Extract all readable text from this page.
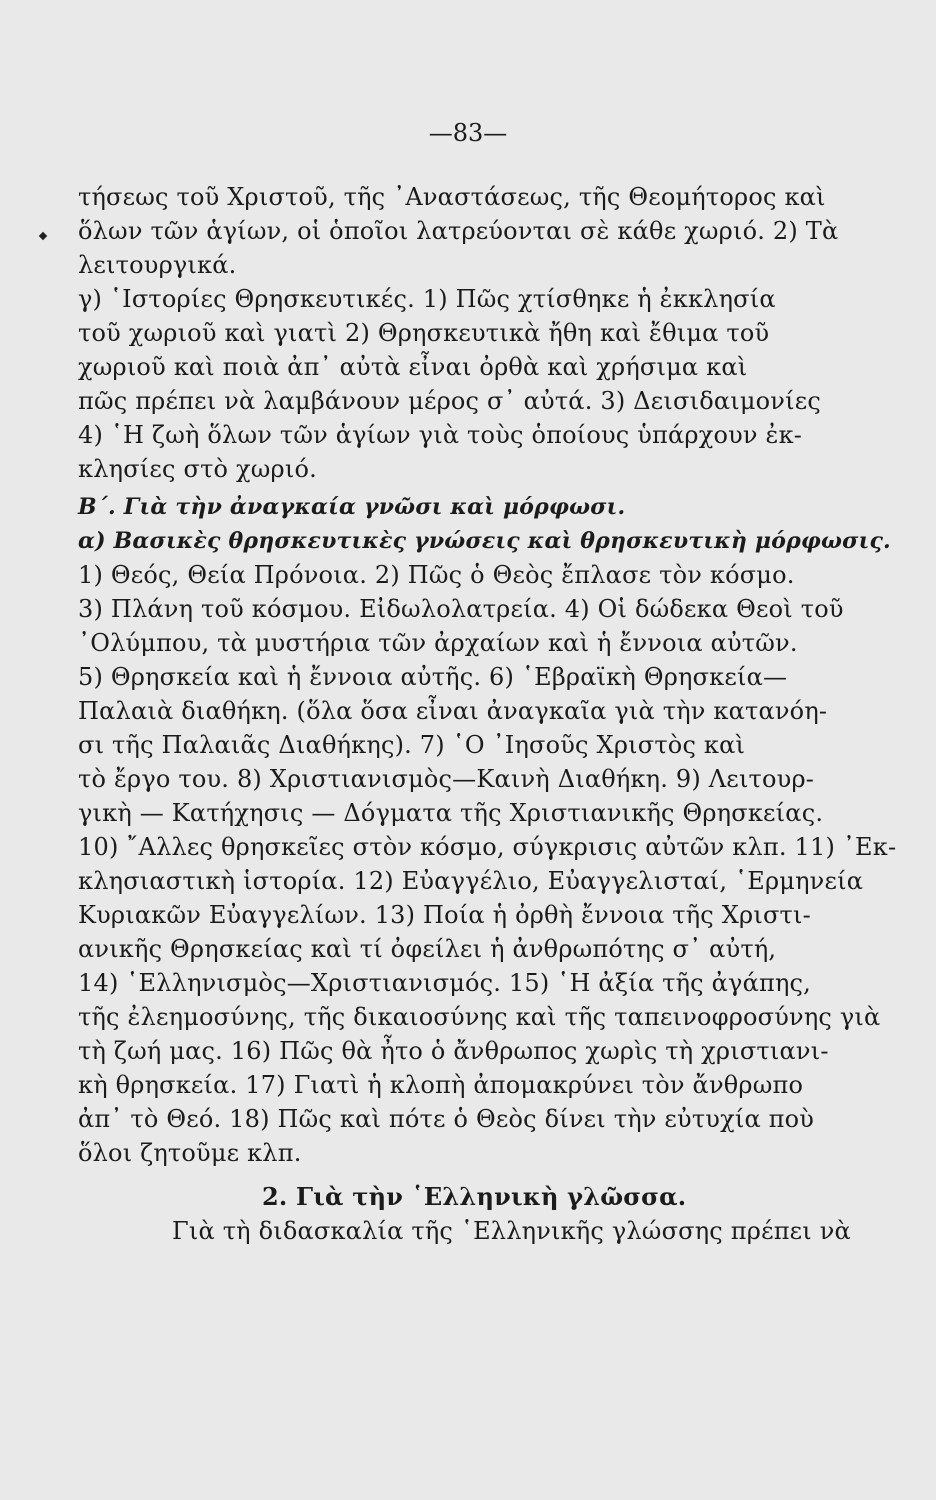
—83—
τήσεως τοῦ Χριστοῦ, τῆς ᾿Αναστάσεως, τῆς Θεομήτορος καὶ
ὅλων τῶν ἁγίων, οἱ ὁποῖοι λατρεύονται σὲ κάθε χωριό. 2) Τὰ
λειτουργικά.
γ) ῾Ιστορίες Θρησκευτικές. 1) Πῶς χτίσθηκε ἡ ἐκκλησία
τοῦ χωριοῦ καὶ γιατὶ 2) Θρησκευτικὰ ἤθη καὶ ἔθιμα τοῦ
χωριοῦ καὶ ποιὰ ἀπ᾿ αὐτὰ εἶναι ὀρθὰ καὶ χρήσιμα καὶ
πῶς πρέπει νὰ λαμβάνουν μέρος σ᾿ αὐτά. 3) Δεισιδαιμονίες
4) ῾Η ζωὴ ὅλων τῶν ἁγίων γιὰ τοὺς ὁποίους ὑπάρχουν ἐκ-
κλησίες στὸ χωριό.
Β΄. Γιὰ τὴν ἀναγκαία γνῶσι καὶ μόρφωσι.
α) Βασικὲς θρησκευτικὲς γνώσεις καὶ θρησκευτικὴ μόρφωσις.
1) Θεός, Θεία Πρόνοια. 2) Πῶς ὁ Θεὸς ἔπλασε τὸν κόσμο.
3) Πλάνη τοῦ κόσμου. Εἰδωλολατρεία. 4) Οἱ δώδεκα Θεοὶ τοῦ
᾿Ολύμπου, τὰ μυστήρια τῶν ἀρχαίων καὶ ἡ ἔννοια αὐτῶν.
5) Θρησκεία καὶ ἡ ἔννοια αὐτῆς. 6) ῾Εβραϊκὴ Θρησκεία—
Παλαιὰ διαθήκη. (ὅλα ὅσα εἶναι ἀναγκαῖα γιὰ τὴν κατανόη-
σι τῆς Παλαιᾶς Διαθήκης). 7) ῾Ο ᾿Ιησοῦς Χριστὸς καὶ
τὸ ἔργο του. 8) Χριστιανισμὸς—Καινὴ Διαθήκη. 9) Λειτουρ-
γικὴ — Κατήχησις — Δόγματα τῆς Χριστιανικῆς Θρησκείας.
10) ῎Αλλες θρησκεῖες στὸν κόσμο, σύγκρισις αὐτῶν κλπ. 11) ᾿Εκ-
κλησιαστικὴ ἱστορία. 12) Εὐαγγέλιο, Εὐαγγελισταί, ῾Ερμηνεία
Κυριακῶν Εὐαγγελίων. 13) Ποία ἡ ὀρθὴ ἔννοια τῆς Χριστι-
ανικῆς Θρησκείας καὶ τί ὀφείλει ἡ ἀνθρωπότης σ᾿ αὐτή,
14) ῾Ελληνισμὸς—Χριστιανισμός. 15) ῾Η ἀξία τῆς ἀγάπης,
τῆς ἐλεημοσύνης, τῆς δικαιοσύνης καὶ τῆς ταπεινοφροσύνης γιὰ
τὴ ζωή μας. 16) Πῶς θὰ ἦτο ὁ ἄνθρωπος χωρὶς τὴ χριστιανι-
κὴ θρησκεία. 17) Γιατὶ ἡ κλοπὴ ἀπομακρύνει τὸν ἄνθρωπο
ἀπ᾿ τὸ Θεό. 18) Πῶς καὶ πότε ὁ Θεὸς δίνει τὴν εὐτυχία ποὺ
ὅλοι ζητοῦμε κλπ.
2. Γιὰ τὴν ῾Ελληνικὴ γλῶσσα.
Γιὰ τὴ διδασκαλία τῆς ῾Ελληνικῆς γλώσσης πρέπει νὰ
